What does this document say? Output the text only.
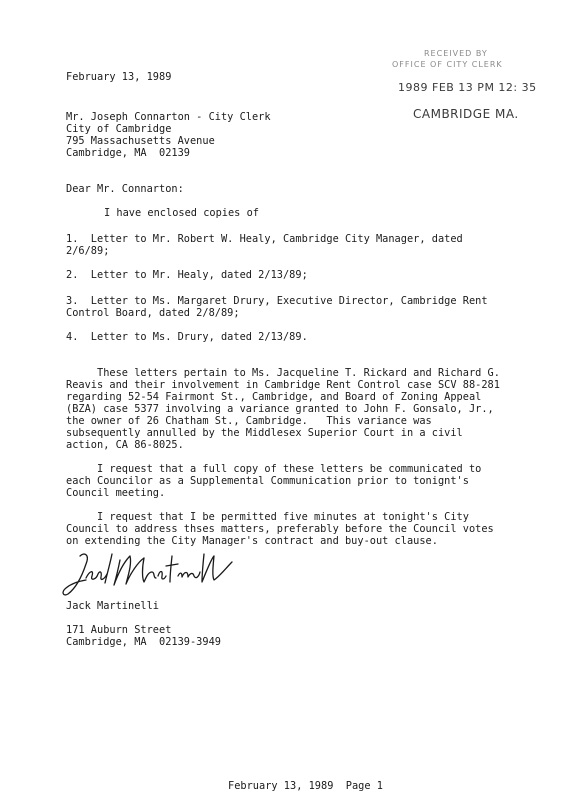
RECEIVED BY
OFFICE OF CITY CLERK
1989 FEB 13 PM 12: 35
CAMBRIDGE MA.

February 13, 1989

Mr. Joseph Connarton - City Clerk

City of Cambridge

795 Massachusetts Avenue

Cambridge, MA  02139

Dear Mr. Connarton:

I have enclosed copies of

1.  Letter to Mr. Robert W. Healy, Cambridge City Manager, dated

2/6/89;

2.  Letter to Mr. Healy, dated 2/13/89;

3.  Letter to Ms. Margaret Drury, Executive Director, Cambridge Rent

Control Board, dated 2/8/89;

4.  Letter to Ms. Drury, dated 2/13/89.

These letters pertain to Ms. Jacqueline T. Rickard and Richard G.

Reavis and their involvement in Cambridge Rent Control case SCV 88-281

regarding 52-54 Fairmont St., Cambridge, and Board of Zoning Appeal

(BZA) case 5377 involving a variance granted to John F. Gonsalo, Jr.,

the owner of 26 Chatham St., Cambridge.   This variance was

subsequently annulled by the Middlesex Superior Court in a civil

action, CA 86-8025.

I request that a full copy of these letters be communicated to

each Councilor as a Supplemental Communication prior to tonignt's

Council meeting.

I request that I be permitted five minutes at tonight's City

Council to address thses matters, preferably before the Council votes

on extending the City Manager's contract and buy-out clause.

Jack Martinelli

171 Auburn Street

Cambridge, MA  02139-3949

February 13, 1989  Page 1
